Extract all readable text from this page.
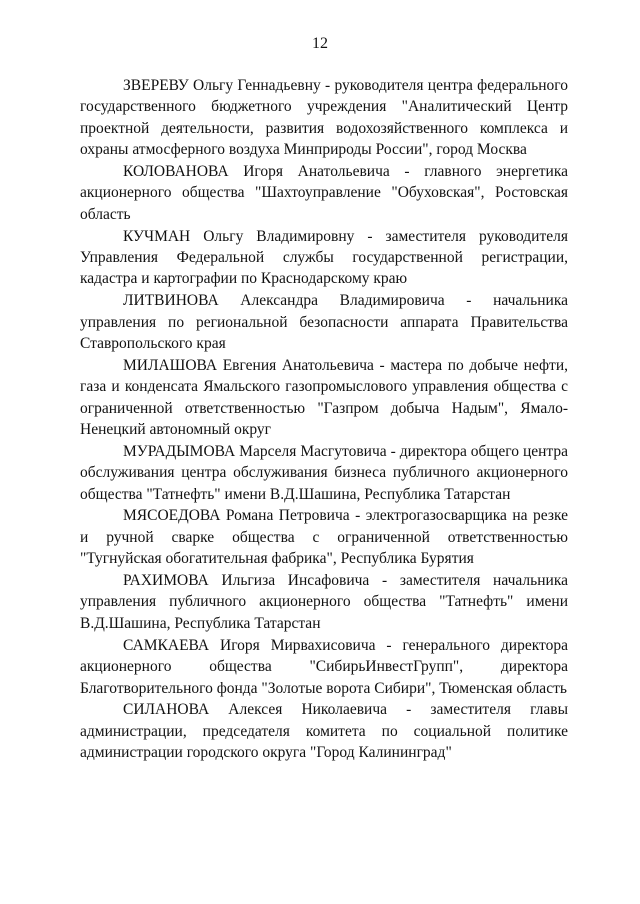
12

ЗВЕРЕВУ Ольгу Геннадьевну - руководителя центра федерального государственного бюджетного учреждения "Аналитический Центр проектной деятельности, развития водохозяйственного комплекса и охраны атмосферного воздуха Минприроды России", город Москва

КОЛОВАНОВА Игоря Анатольевича - главного энергетика акционерного общества "Шахтоуправление "Обуховская", Ростовская область

КУЧМАН Ольгу Владимировну - заместителя руководителя Управления Федеральной службы государственной регистрации, кадастра и картографии по Краснодарскому краю

ЛИТВИНОВА Александра Владимировича - начальника управления по региональной безопасности аппарата Правительства Ставропольского края

МИЛАШОВА Евгения Анатольевича - мастера по добыче нефти, газа и конденсата Ямальского газопромыслового управления общества с ограниченной ответственностью "Газпром добыча Надым", Ямало-Ненецкий автономный округ

МУРАДЫМОВА Марселя Масгутовича - директора общего центра обслуживания центра обслуживания бизнеса публичного акционерного общества "Татнефть" имени В.Д.Шашина, Республика Татарстан

МЯСОЕДОВА Романа Петровича - электрогазосварщика на резке и ручной сварке общества с ограниченной ответственностью "Тугнуйская обогатительная фабрика", Республика Бурятия

РАХИМОВА Ильгиза Инсафовича - заместителя начальника управления публичного акционерного общества "Татнефть" имени В.Д.Шашина, Республика Татарстан

САМКАЕВА Игоря Мирвахисовича - генерального директора акционерного общества "СибирьИнвестГрупп", директора Благотворительного фонда "Золотые ворота Сибири", Тюменская область

СИЛАНОВА Алексея Николаевича - заместителя главы администрации, председателя комитета по социальной политике администрации городского округа "Город Калининград"
